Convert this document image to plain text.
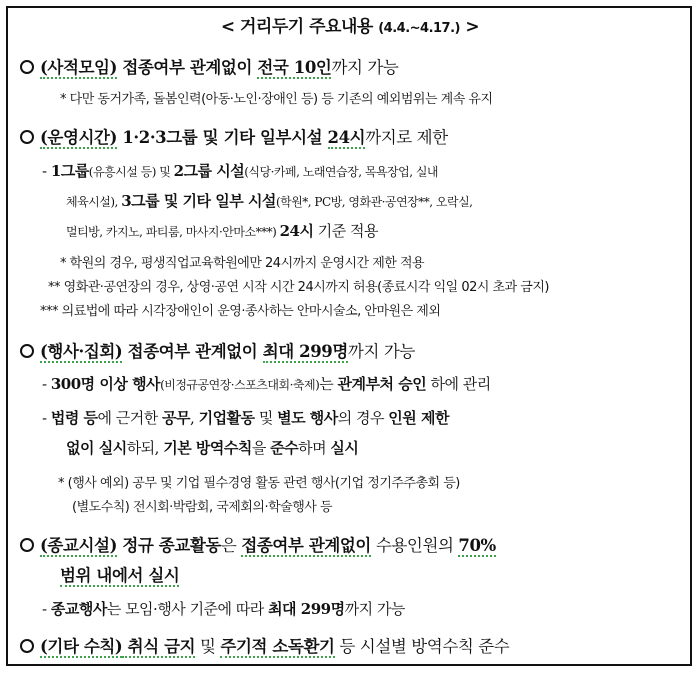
< 거리두기 주요내용 (4.4.~4.17.) >
(사적모임) 접종여부 관계없이 전국 10인까지 가능
* 다만 동거가족, 돌봄인력(아동·노인·장애인 등) 등 기존의 예외범위는 계속 유지
(운영시간) 1·2·3그룹 및 기타 일부시설 24시까지로 제한
- 1그룹(유흥시설 등) 및 2그룹 시설(식당·카페, 노래연습장, 목욕장업, 실내
체육시설), 3그룹 및 기타 일부 시설(학원*, PC방, 영화관·공연장**, 오락실,
멀티방, 카지노, 파티룸, 마사지·안마소***) 24시 기준 적용
* 학원의 경우, 평생직업교육학원에만 24시까지 운영시간 제한 적용
** 영화관·공연장의 경우, 상영·공연 시작 시간 24시까지 허용(종료시각 익일 02시 초과 금지)
*** 의료법에 따라 시각장애인이 운영·종사하는 안마시술소, 안마원은 제외
(행사·집회) 접종여부 관계없이 최대 299명까지 가능
- 300명 이상 행사(비정규공연장·스포츠대회·축제)는 관계부처 승인 하에 관리
- 법령 등에 근거한 공무, 기업활동 및 별도 행사의 경우 인원 제한
없이 실시하되, 기본 방역수칙을 준수하며 실시
* (행사 예외) 공무 및 기업 필수경영 활동 관련 행사(기업 정기주주총회 등)
(별도수칙) 전시회·박람회, 국제회의·학술행사 등
(종교시설) 정규 종교활동은 접종여부 관계없이 수용인원의 70%
범위 내에서 실시
- 종교행사는 모임·행사 기준에 따라 최대 299명까지 가능
(기타 수칙) 취식 금지 및 주기적 소독환기 등 시설별 방역수칙 준수
